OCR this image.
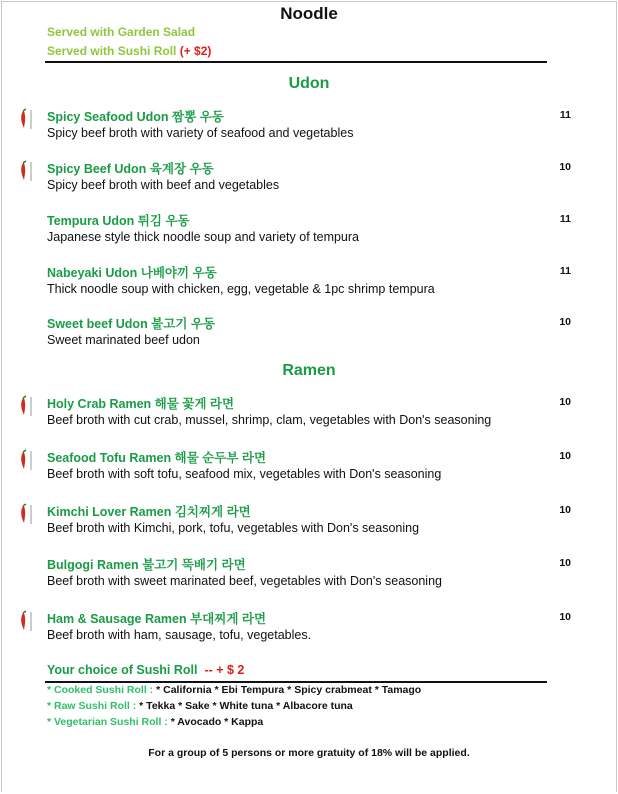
Noodle
Served with Garden Salad
Served with Sushi Roll (+ $2)
Udon
Spicy Seafood Udon 짬뽕 우동
Spicy beef broth with variety of seafood and vegetables
11
Spicy Beef Udon 육계장 우동
Spicy beef broth with beef and vegetables
10
Tempura Udon 튀김 우동
Japanese style thick noodle soup and variety of tempura
11
Nabeyaki Udon 나베야끼 우동
Thick noodle soup with chicken, egg, vegetable & 1pc shrimp tempura
11
Sweet beef Udon 불고기 우동
Sweet marinated beef udon
10
Ramen
Holy Crab Ramen 해물 꽃게 라면
Beef broth with cut crab, mussel, shrimp, clam, vegetables with Don's seasoning
10
Seafood Tofu Ramen 해물 순두부 라면
Beef broth with soft tofu, seafood mix, vegetables with Don's seasoning
10
Kimchi Lover Ramen 김치찌게 라면
Beef broth with Kimchi, pork, tofu, vegetables with Don's seasoning
10
Bulgogi Ramen 불고기 뚝배기 라면
Beef broth with sweet marinated beef, vegetables with Don's seasoning
10
Ham & Sausage Ramen 부대찌게 라면
Beef broth with ham, sausage, tofu, vegetables.
10
Your choice of Sushi Roll -- + $ 2
* Cooked Sushi Roll : * California * Ebi Tempura * Spicy crabmeat * Tamago
* Raw Sushi Roll : * Tekka * Sake * White tuna * Albacore tuna
* Vegetarian Sushi Roll : * Avocado * Kappa
For a group of 5 persons or more gratuity of 18% will be applied.
